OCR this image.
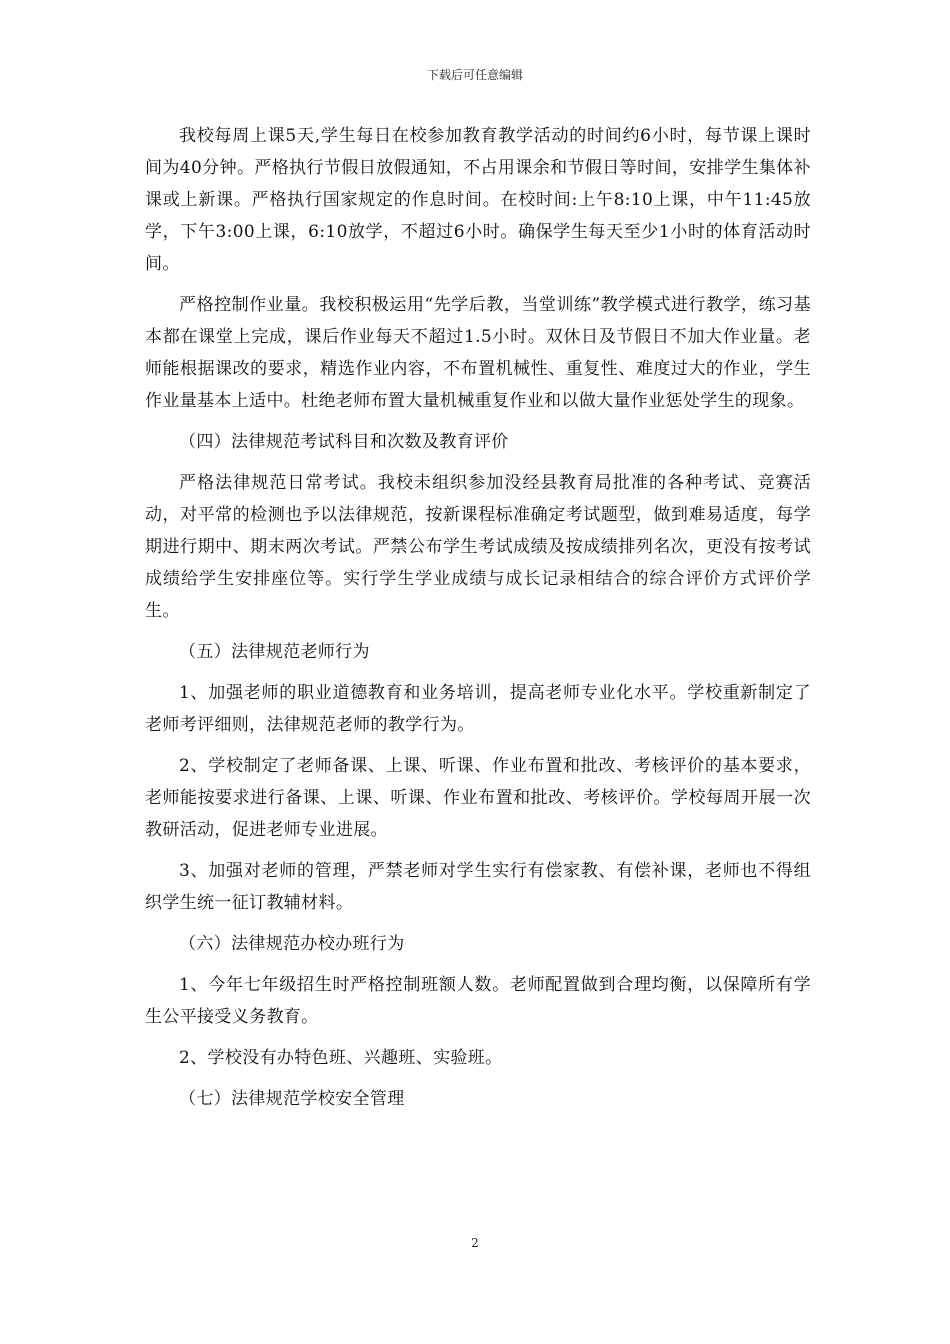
下载后可任意编辑

我校每周上课5天,学生每日在校参加教育教学活动的时间约6小时，每节课上课时间为40分钟。严格执行节假日放假通知，不占用课余和节假日等时间，安排学生集体补课或上新课。严格执行国家规定的作息时间。在校时间:上午8:10上课，中午11:45放学，下午3:00上课，6:10放学，不超过6小时。确保学生每天至少1小时的体育活动时间。

严格控制作业量。我校积极运用“先学后教，当堂训练”教学模式进行教学，练习基本都在课堂上完成，课后作业每天不超过1.5小时。双休日及节假日不加大作业量。老师能根据课改的要求，精选作业内容，不布置机械性、重复性、难度过大的作业，学生作业量基本上适中。杜绝老师布置大量机械重复作业和以做大量作业惩处学生的现象。

（四）法律规范考试科目和次数及教育评价

严格法律规范日常考试。我校未组织参加没经县教育局批准的各种考试、竞赛活动，对平常的检测也予以法律规范，按新课程标准确定考试题型，做到难易适度，每学期进行期中、期末两次考试。严禁公布学生考试成绩及按成绩排列名次，更没有按考试成绩给学生安排座位等。实行学生学业成绩与成长记录相结合的综合评价方式评价学生。

（五）法律规范老师行为

1、加强老师的职业道德教育和业务培训，提高老师专业化水平。学校重新制定了老师考评细则，法律规范老师的教学行为。

2、学校制定了老师备课、上课、听课、作业布置和批改、考核评价的基本要求，老师能按要求进行备课、上课、听课、作业布置和批改、考核评价。学校每周开展一次教研活动，促进老师专业进展。

3、加强对老师的管理，严禁老师对学生实行有偿家教、有偿补课，老师也不得组织学生统一征订教辅材料。

（六）法律规范办校办班行为

1、今年七年级招生时严格控制班额人数。老师配置做到合理均衡，以保障所有学生公平接受义务教育。

2、学校没有办特色班、兴趣班、实验班。

（七）法律规范学校安全管理

2
